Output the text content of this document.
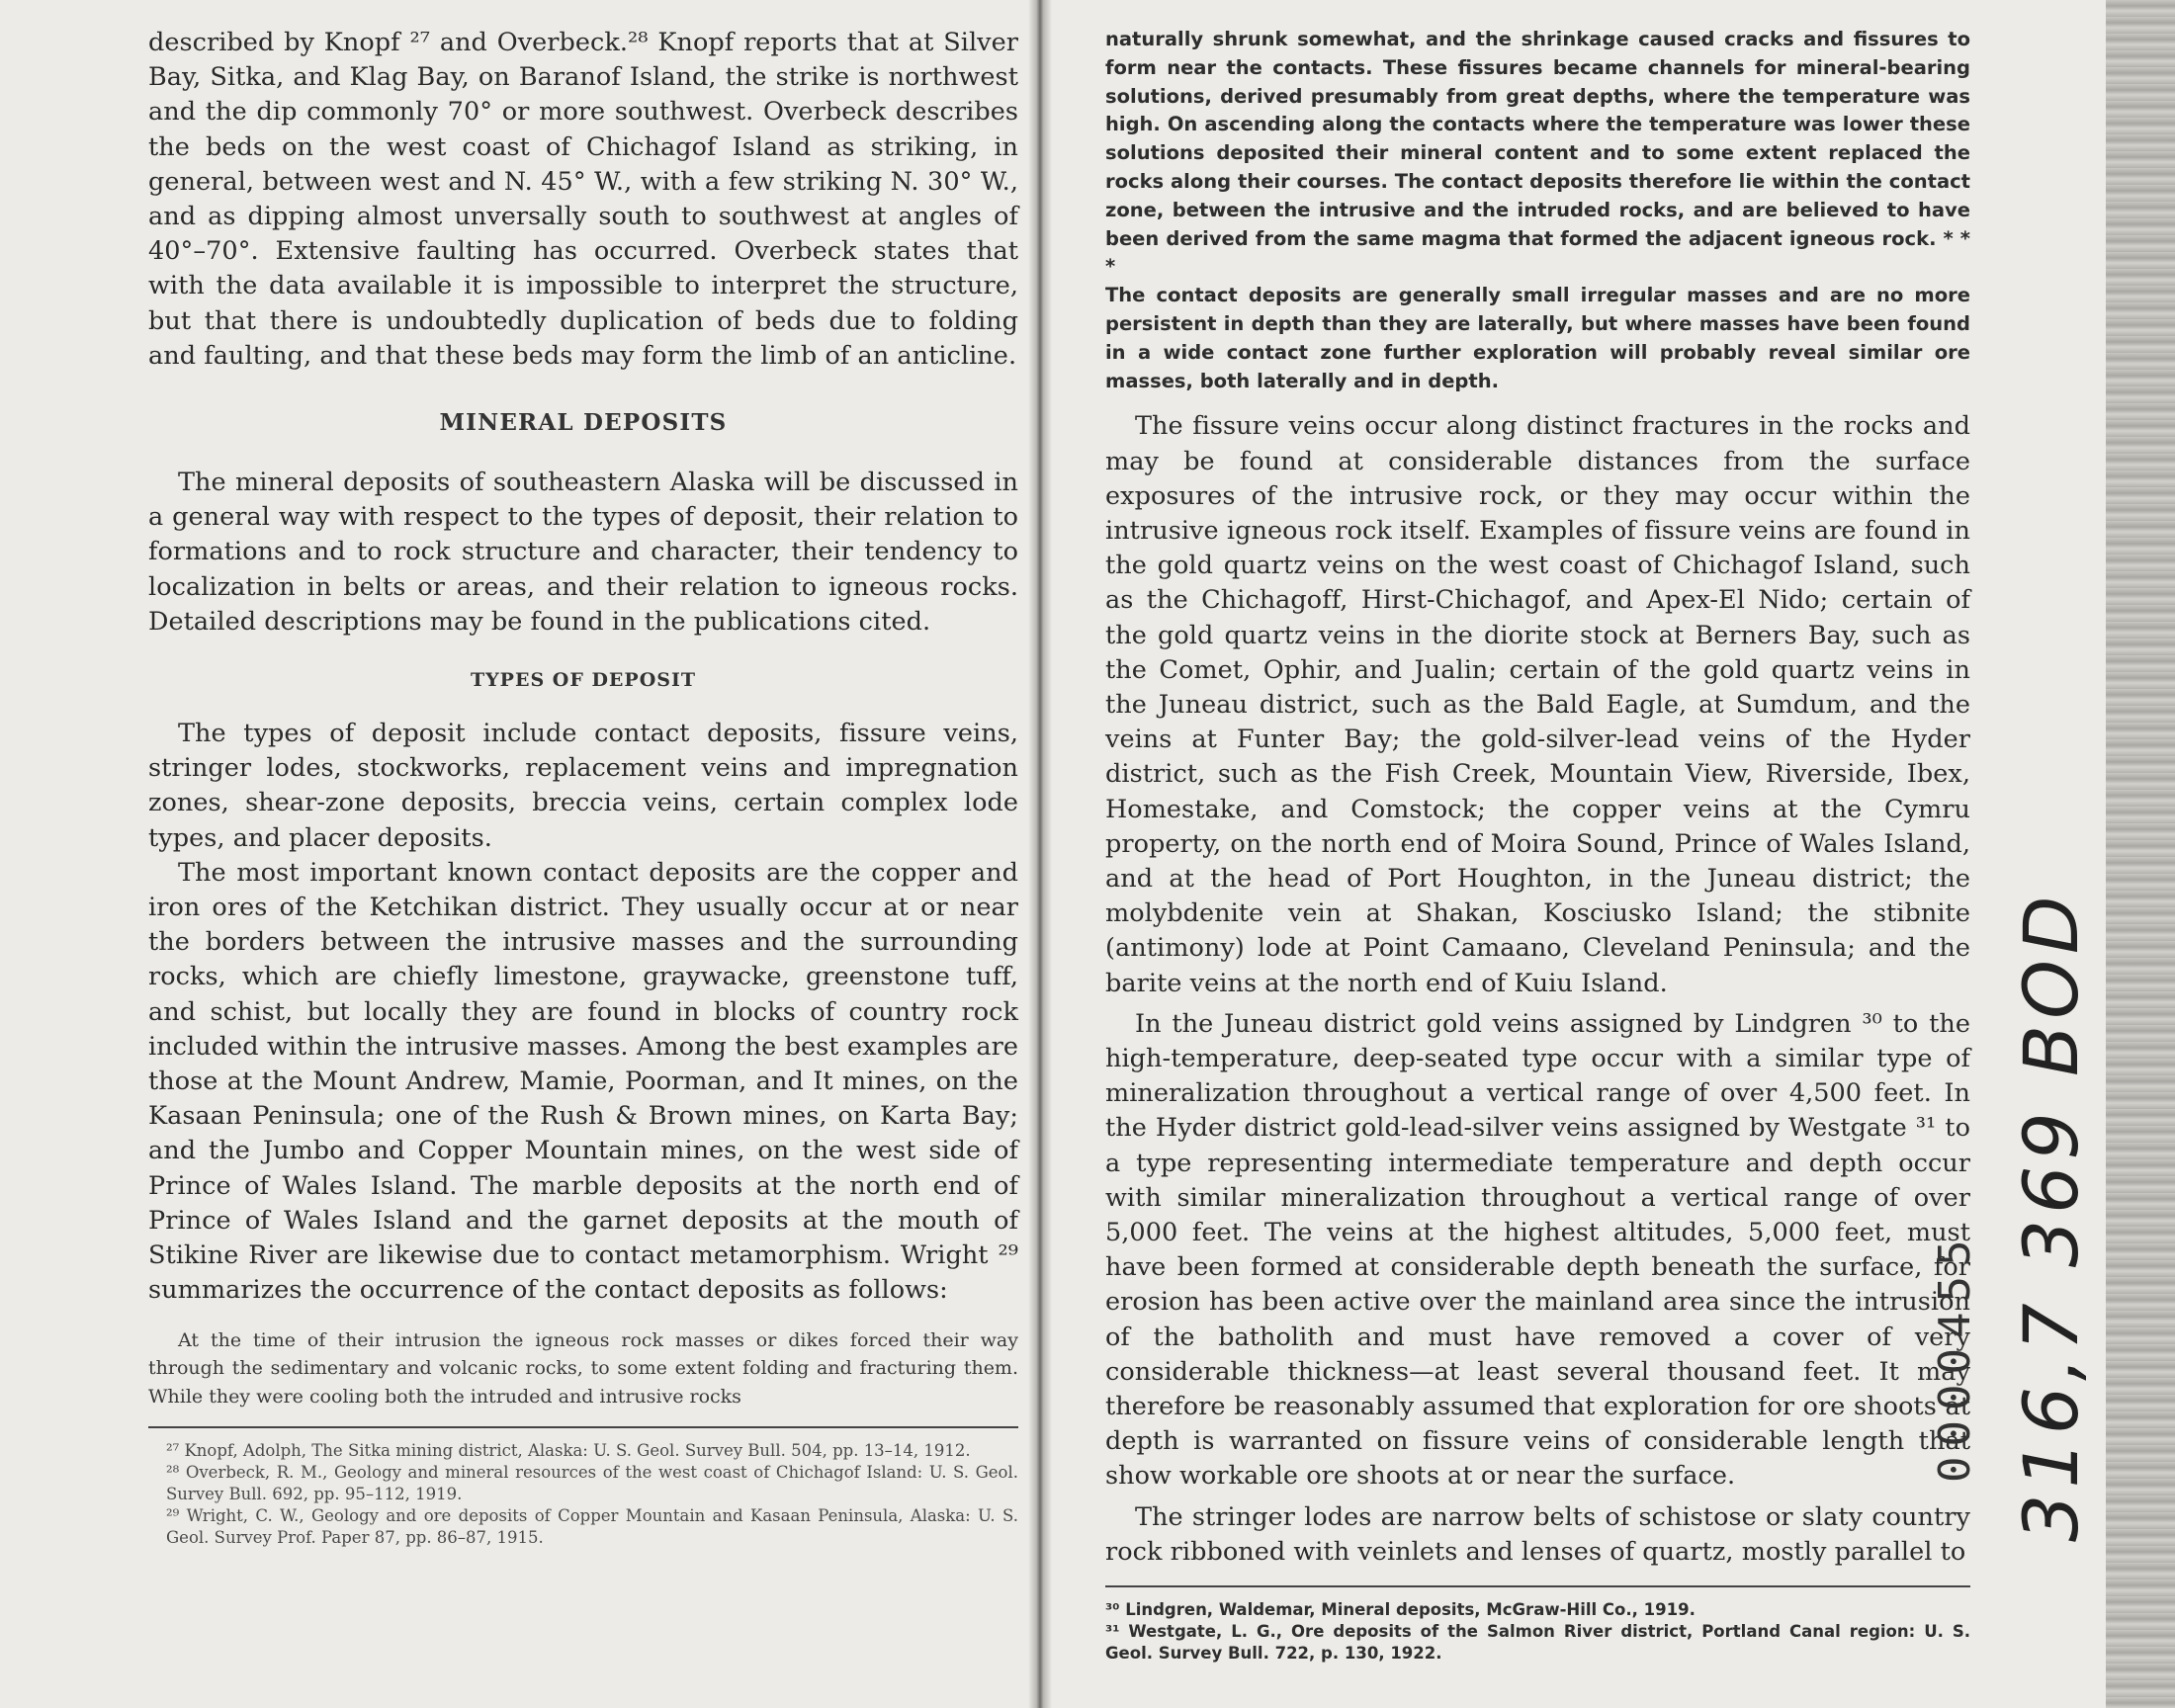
described by Knopf ²⁷ and Overbeck.²⁸ Knopf reports that at Silver Bay, Sitka, and Klag Bay, on Baranof Island, the strike is northwest and the dip commonly 70° or more southwest. Overbeck describes the beds on the west coast of Chichagof Island as striking, in general, between west and N. 45° W., with a few striking N. 30° W., and as dipping almost unversally south to southwest at angles of 40°–70°. Extensive faulting has occurred. Overbeck states that with the data available it is impossible to interpret the structure, but that there is undoubtedly duplication of beds due to folding and faulting, and that these beds may form the limb of an anticline.

MINERAL DEPOSITS

The mineral deposits of southeastern Alaska will be discussed in a general way with respect to the types of deposit, their relation to formations and to rock structure and character, their tendency to localization in belts or areas, and their relation to igneous rocks. Detailed descriptions may be found in the publications cited.

TYPES OF DEPOSIT

The types of deposit include contact deposits, fissure veins, stringer lodes, stockworks, replacement veins and impregnation zones, shear-zone deposits, breccia veins, certain complex lode types, and placer deposits.

The most important known contact deposits are the copper and iron ores of the Ketchikan district. They usually occur at or near the borders between the intrusive masses and the surrounding rocks, which are chiefly limestone, graywacke, greenstone tuff, and schist, but locally they are found in blocks of country rock included within the intrusive masses. Among the best examples are those at the Mount Andrew, Mamie, Poorman, and It mines, on the Kasaan Peninsula; one of the Rush & Brown mines, on Karta Bay; and the Jumbo and Copper Mountain mines, on the west side of Prince of Wales Island. The marble deposits at the north end of Prince of Wales Island and the garnet deposits at the mouth of Stikine River are likewise due to contact metamorphism. Wright ²⁹ summarizes the occurrence of the contact deposits as follows:

At the time of their intrusion the igneous rock masses or dikes forced their way through the sedimentary and volcanic rocks, to some extent folding and fracturing them. While they were cooling both the intruded and intrusive rocks

²⁷ Knopf, Adolph, The Sitka mining district, Alaska: U. S. Geol. Survey Bull. 504, pp. 13–14, 1912.

²⁸ Overbeck, R. M., Geology and mineral resources of the west coast of Chichagof Island: U. S. Geol. Survey Bull. 692, pp. 95–112, 1919.

²⁹ Wright, C. W., Geology and ore deposits of Copper Mountain and Kasaan Peninsula, Alaska: U. S. Geol. Survey Prof. Paper 87, pp. 86–87, 1915.

naturally shrunk somewhat, and the shrinkage caused cracks and fissures to form near the contacts. These fissures became channels for mineral-bearing solutions, derived presumably from great depths, where the temperature was high. On ascending along the contacts where the temperature was lower these solutions deposited their mineral content and to some extent replaced the rocks along their courses. The contact deposits therefore lie within the contact zone, between the intrusive and the intruded rocks, and are believed to have been derived from the same magma that formed the adjacent igneous rock. * * *

The contact deposits are generally small irregular masses and are no more persistent in depth than they are laterally, but where masses have been found in a wide contact zone further exploration will probably reveal similar ore masses, both laterally and in depth.

The fissure veins occur along distinct fractures in the rocks and may be found at considerable distances from the surface exposures of the intrusive rock, or they may occur within the intrusive igneous rock itself. Examples of fissure veins are found in the gold quartz veins on the west coast of Chichagof Island, such as the Chichagoff, Hirst-Chichagof, and Apex-El Nido; certain of the gold quartz veins in the diorite stock at Berners Bay, such as the Comet, Ophir, and Jualin; certain of the gold quartz veins in the Juneau district, such as the Bald Eagle, at Sumdum, and the veins at Funter Bay; the gold-silver-lead veins of the Hyder district, such as the Fish Creek, Mountain View, Riverside, Ibex, Homestake, and Comstock; the copper veins at the Cymru property, on the north end of Moira Sound, Prince of Wales Island, and at the head of Port Houghton, in the Juneau district; the molybdenite vein at Shakan, Kosciusko Island; the stibnite (antimony) lode at Point Camaano, Cleveland Peninsula; and the barite veins at the north end of Kuiu Island.

In the Juneau district gold veins assigned by Lindgren ³⁰ to the high-temperature, deep-seated type occur with a similar type of mineralization throughout a vertical range of over 4,500 feet. In the Hyder district gold-lead-silver veins assigned by Westgate ³¹ to a type representing intermediate temperature and depth occur with similar mineralization throughout a vertical range of over 5,000 feet. The veins at the highest altitudes, 5,000 feet, must have been formed at considerable depth beneath the surface, for erosion has been active over the mainland area since the intrusion of the batholith and must have removed a cover of very considerable thickness—at least several thousand feet. It may therefore be reasonably assumed that exploration for ore shoots at depth is warranted on fissure veins of considerable length that show workable ore shoots at or near the surface.

The stringer lodes are narrow belts of schistose or slaty country rock ribboned with veinlets and lenses of quartz, mostly parallel to

³⁰ Lindgren, Waldemar, Mineral deposits, McGraw-Hill Co., 1919.

³¹ Westgate, L. G., Ore deposits of the Salmon River district, Portland Canal region: U. S. Geol. Survey Bull. 722, p. 130, 1922.

0000455 316,7 369 BOD
